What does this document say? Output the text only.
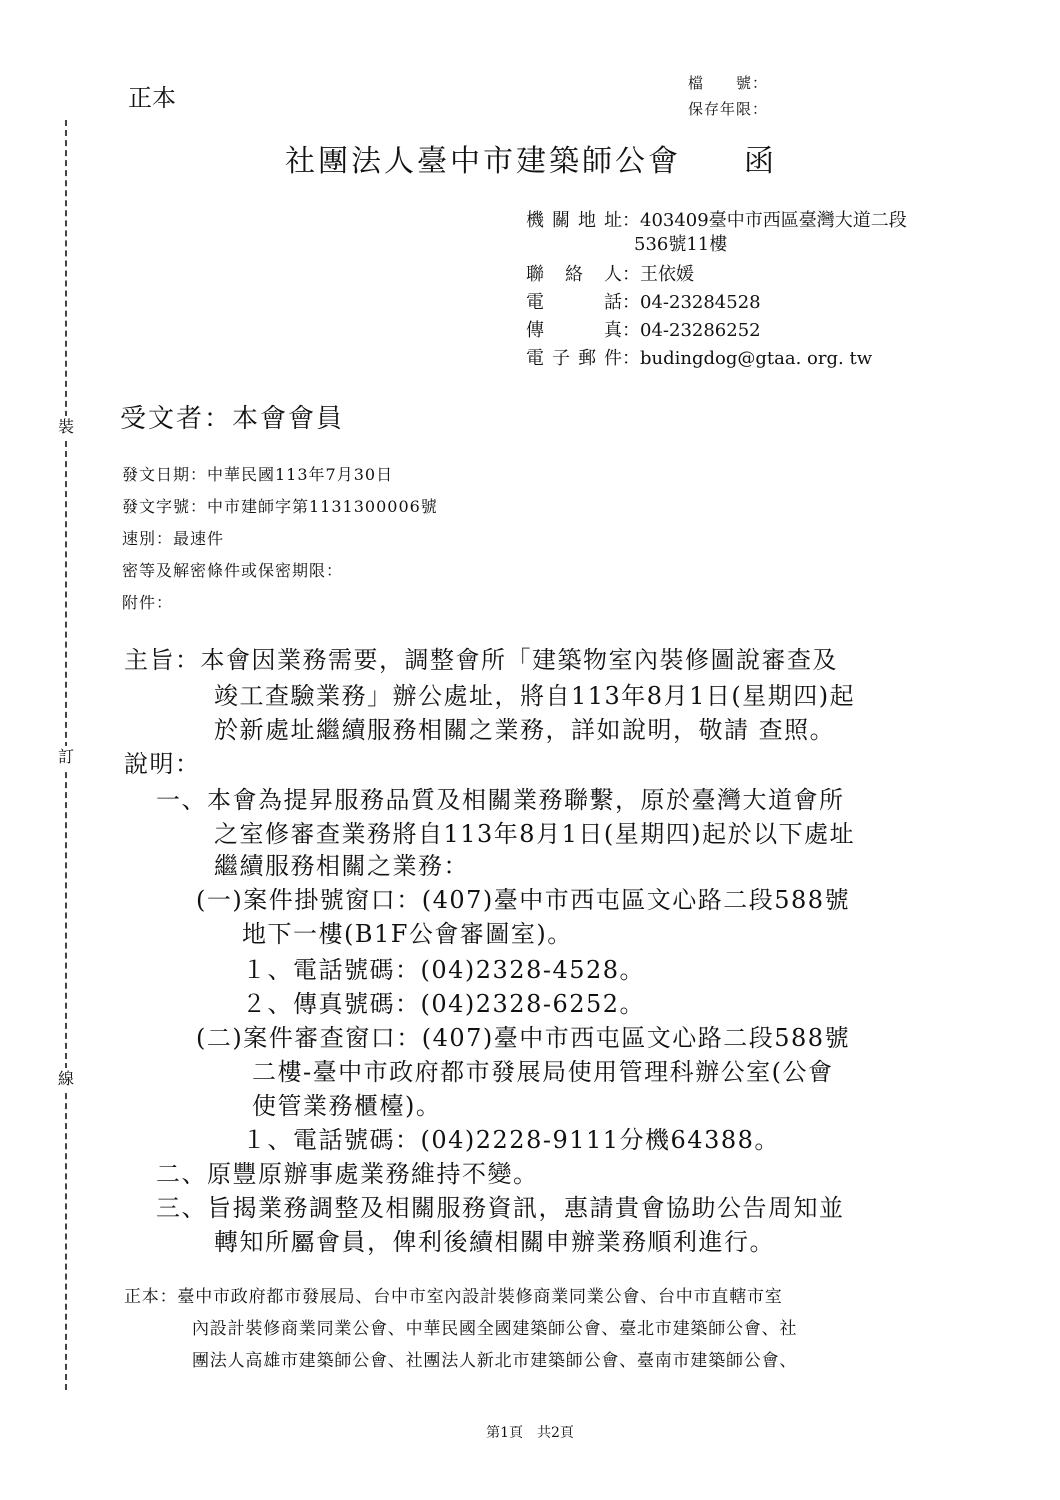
裝
訂
線
正本
檔　　號：
保存年限：
社團法人臺中市建築師公會 函
機關地址：403409臺中市西區臺灣大道二段
536號11樓
聯 絡 人：王依媛
電　　話：04-23284528
傳　　真：04-23286252
電子郵件：budingdog@gtaa. org. tw
受文者：本會會員
發文日期：中華民國113年7月30日
發文字號：中市建師字第1131300006號
速別：最速件
密等及解密條件或保密期限：
附件：
主旨：本會因業務需要，調整會所「建築物室內裝修圖說審查及
竣工查驗業務」辦公處址，將自113年8月1日(星期四)起
於新處址繼續服務相關之業務，詳如說明，敬請 查照。
說明：
一、本會為提昇服務品質及相關業務聯繫，原於臺灣大道會所
之室修審查業務將自113年8月1日(星期四)起於以下處址
繼續服務相關之業務：
(一)案件掛號窗口：(407)臺中市西屯區文心路二段588號
地下一樓(B1F公會審圖室)。
１、電話號碼：(04)2328-4528。
２、傳真號碼：(04)2328-6252。
(二)案件審查窗口：(407)臺中市西屯區文心路二段588號
二樓-臺中市政府都市發展局使用管理科辦公室(公會
使管業務櫃檯)。
１、電話號碼：(04)2228-9111分機64388。
二、原豐原辦事處業務維持不變。
三、旨揭業務調整及相關服務資訊，惠請貴會協助公告周知並
轉知所屬會員，俾利後續相關申辦業務順利進行。
正本：臺中市政府都市發展局、台中市室內設計裝修商業同業公會、台中市直轄市室
內設計裝修商業同業公會、中華民國全國建築師公會、臺北市建築師公會、社
團法人高雄市建築師公會、社團法人新北市建築師公會、臺南市建築師公會、
第1頁　共2頁
